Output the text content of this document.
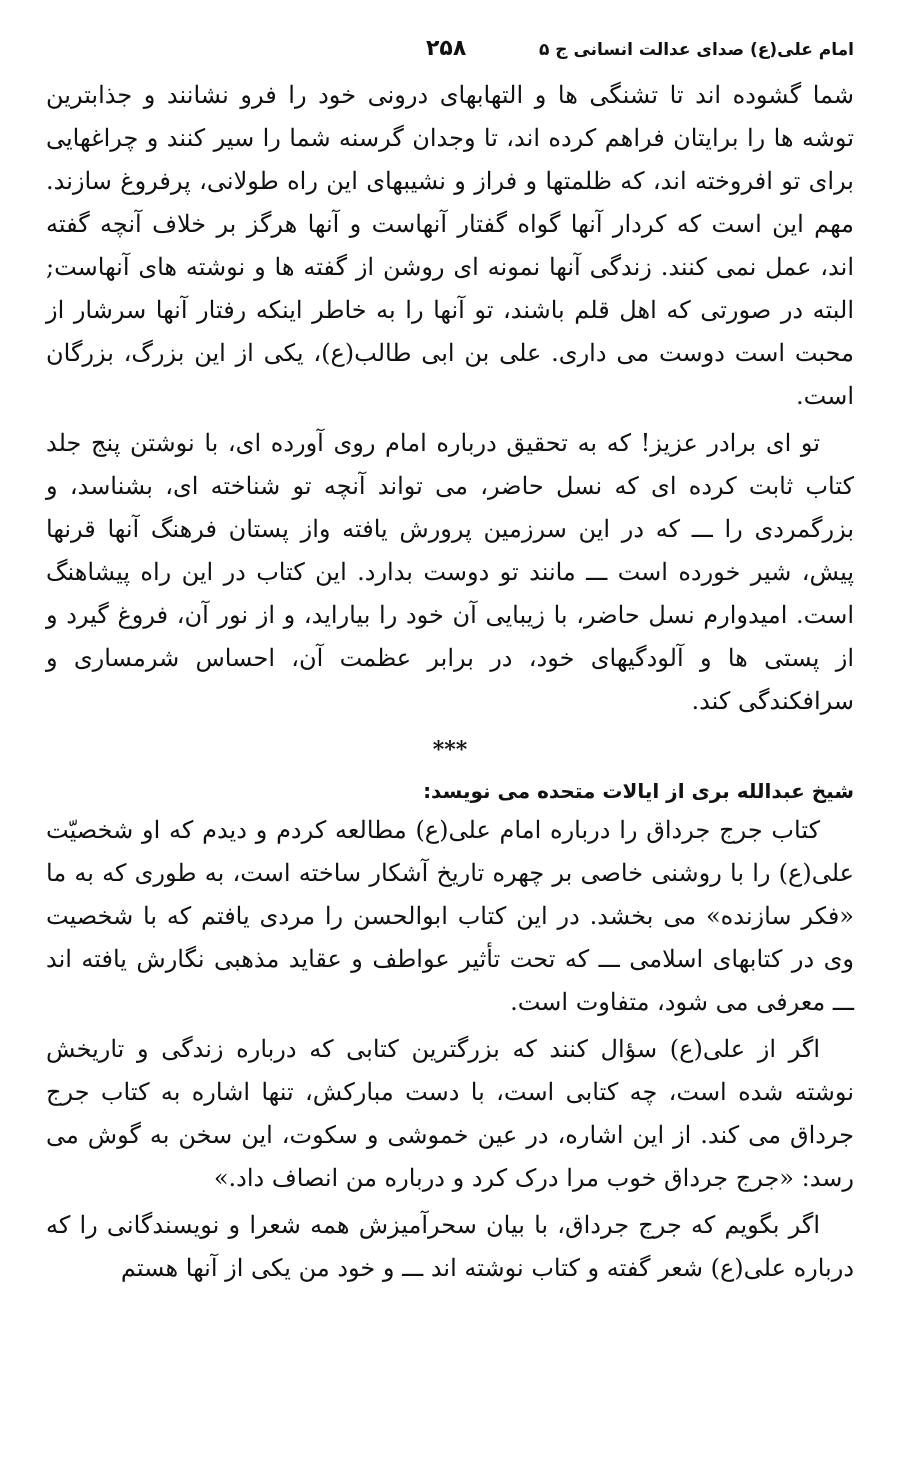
امام علی(ع) صدای عدالت انسانی ج ۵
۲۵۸

شما گشوده اند تا تشنگی ها و التهابهای درونی خود را فرو نشانند و جذابترین توشه ها را برایتان فراهم کرده اند، تا وجدان گرسنه شما را سیر کنند و چراغهایی برای تو افروخته اند، که ظلمتها و فراز و نشیبهای این راه طولانی، پرفروغ سازند. مهم این است که کردار آنها گواه گفتار آنهاست و آنها هرگز بر خلاف آنچه گفته اند، عمل نمی کنند. زندگی آنها نمونه ای روشن از گفته ها و نوشته های آنهاست; البته در صورتی که اهل قلم باشند، تو آنها را به خاطر اینکه رفتار آنها سرشار از محبت است دوست می داری. علی بن ابی طالب(ع)، یکی از این بزرگ، بزرگان است.

تو ای برادر عزیز! که به تحقیق درباره امام روی آورده ای، با نوشتن پنج جلد کتاب ثابت کرده ای که نسل حاضر، می تواند آنچه تو شناخته ای، بشناسد، و بزرگمردی را ـــ که در این سرزمین پرورش یافته واز پستان فرهنگ آنها قرنها پیش، شیر خورده است ـــ مانند تو دوست بدارد. این کتاب در این راه پیشاهنگ است. امیدوارم نسل حاضر، با زیبایی آن خود را بیاراید، و از نور آن، فروغ گیرد و از پستی ها و آلودگیهای خود، در برابر عظمت آن، احساس شرمساری و سرافکندگی کند.

***

شیخ عبدالله بری از ایالات متحده می نویسد:

کتاب جرج جرداق را درباره امام علی(ع) مطالعه کردم و دیدم که او شخصیّت علی(ع) را با روشنی خاصی بر چهره تاریخ آشکار ساخته است، به طوری که به ما «فکر سازنده» می بخشد. در این کتاب ابوالحسن را مردی یافتم که با شخصیت وی در کتابهای اسلامی ـــ که تحت تأثیر عواطف و عقاید مذهبی نگارش یافته اند ـــ معرفی می شود، متفاوت است.

اگر از علی(ع) سؤال کنند که بزرگترین کتابی که درباره زندگی و تاریخش نوشته شده است، چه کتابی است، با دست مبارکش، تنها اشاره به کتاب جرج جرداق می کند. از این اشاره، در عین خموشی و سکوت، این سخن به گوش می رسد: «جرج جرداق خوب مرا درک کرد و درباره من انصاف داد.»

اگر بگویم که جرج جرداق، با بیان سحرآمیزش همه شعرا و نویسندگانی را که درباره علی(ع) شعر گفته و کتاب نوشته اند ـــ و خود من یکی از آنها هستم
